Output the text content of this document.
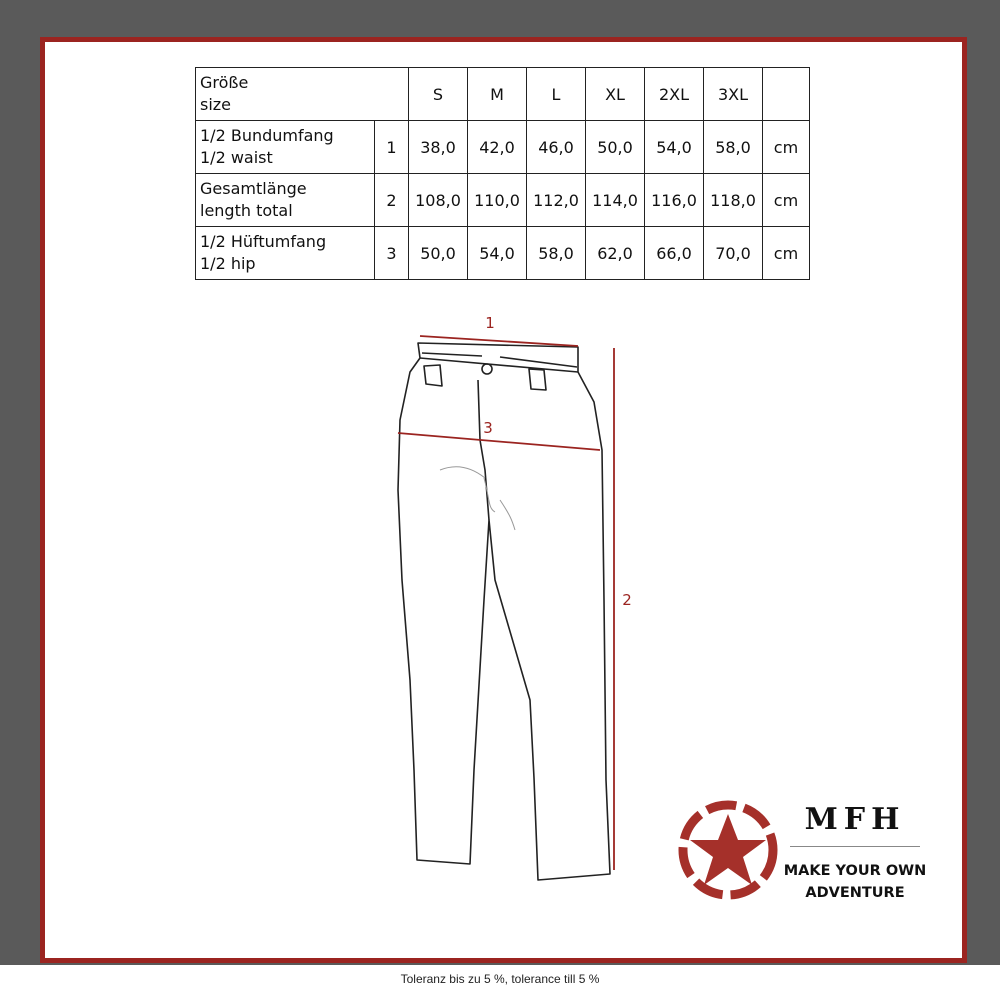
Größe
size		S	M	L	XL	2XL	3XL	

1/2 Bundumfang
1/2 waist	1	38,0	42,0	46,0	50,0	54,0	58,0	cm

Gesamtlänge
length total	2	108,0	110,0	112,0	114,0	116,0	118,0	cm

1/2 Hüftumfang
1/2 hip	3	50,0	54,0	58,0	62,0	66,0	70,0	cm
1
3
2
MFH
MAKE YOUR OWN
ADVENTURE
Toleranz bis zu 5 %, tolerance till 5 %
